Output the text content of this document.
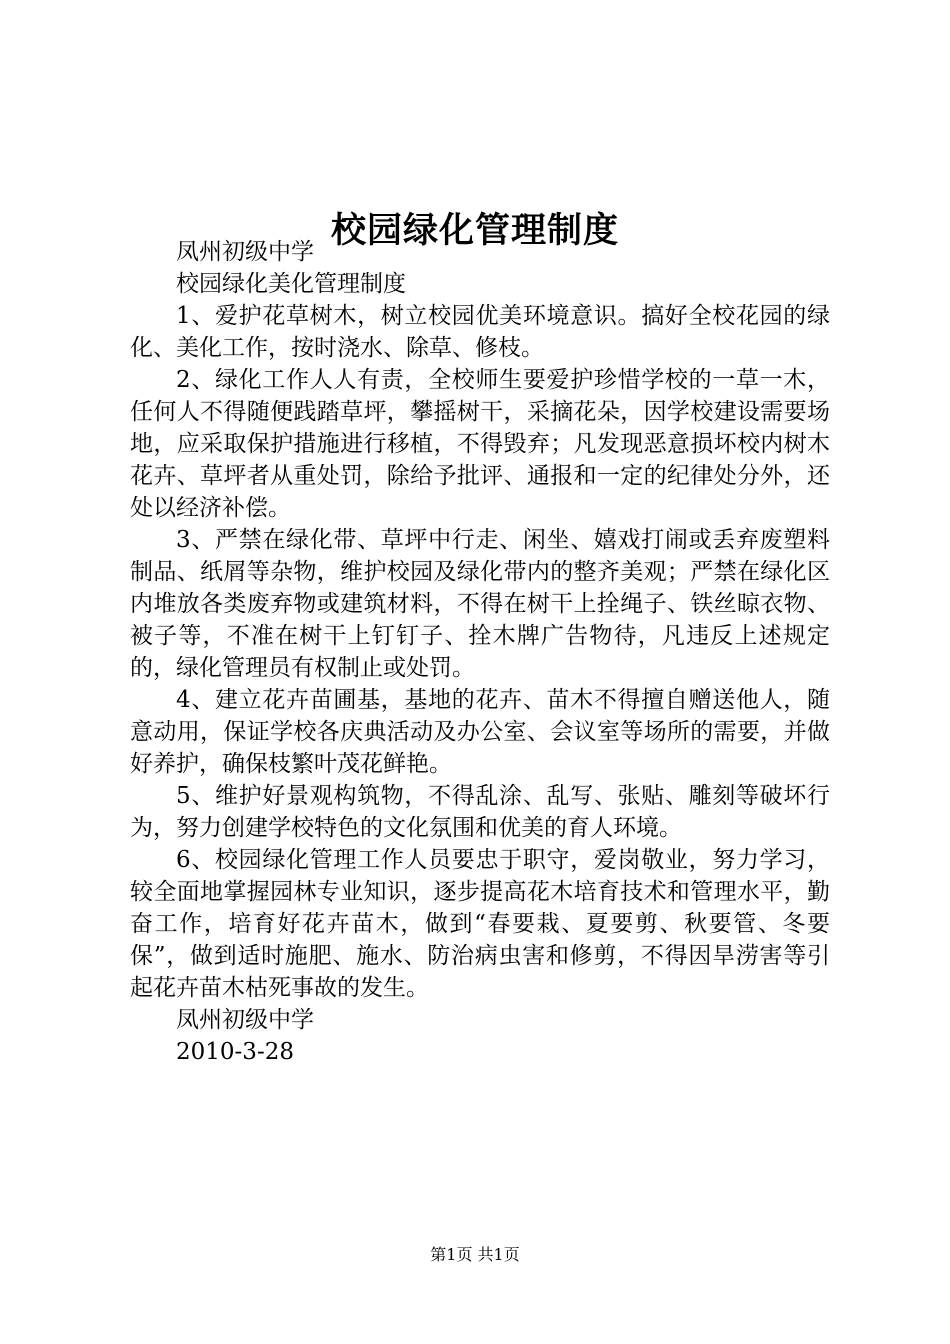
校园绿化管理制度

凤州初级中学

校园绿化美化管理制度

1、爱护花草树木，树立校园优美环境意识。搞好全校花园的绿化、美化工作，按时浇水、除草、修枝。

2、绿化工作人人有责，全校师生要爱护珍惜学校的一草一木，任何人不得随便践踏草坪，攀摇树干，采摘花朵，因学校建设需要场地，应采取保护措施进行移植，不得毁弃；凡发现恶意损坏校内树木花卉、草坪者从重处罚，除给予批评、通报和一定的纪律处分外，还处以经济补偿。

3、严禁在绿化带、草坪中行走、闲坐、嬉戏打闹或丢弃废塑料制品、纸屑等杂物，维护校园及绿化带内的整齐美观；严禁在绿化区内堆放各类废弃物或建筑材料，不得在树干上拴绳子、铁丝晾衣物、被子等，不准在树干上钉钉子、拴木牌广告物待，凡违反上述规定的，绿化管理员有权制止或处罚。

4、建立花卉苗圃基，基地的花卉、苗木不得擅自赠送他人，随意动用，保证学校各庆典活动及办公室、会议室等场所的需要，并做好养护，确保枝繁叶茂花鲜艳。

5、维护好景观构筑物，不得乱涂、乱写、张贴、雕刻等破坏行为，努力创建学校特色的文化氛围和优美的育人环境。

6、校园绿化管理工作人员要忠于职守，爱岗敬业，努力学习，较全面地掌握园林专业知识，逐步提高花木培育技术和管理水平，勤奋工作，培育好花卉苗木，做到“春要栽、夏要剪、秋要管、冬要保”，做到适时施肥、施水、防治病虫害和修剪，不得因旱涝害等引起花卉苗木枯死事故的发生。

凤州初级中学

2010-3-28

第1页 共1页
